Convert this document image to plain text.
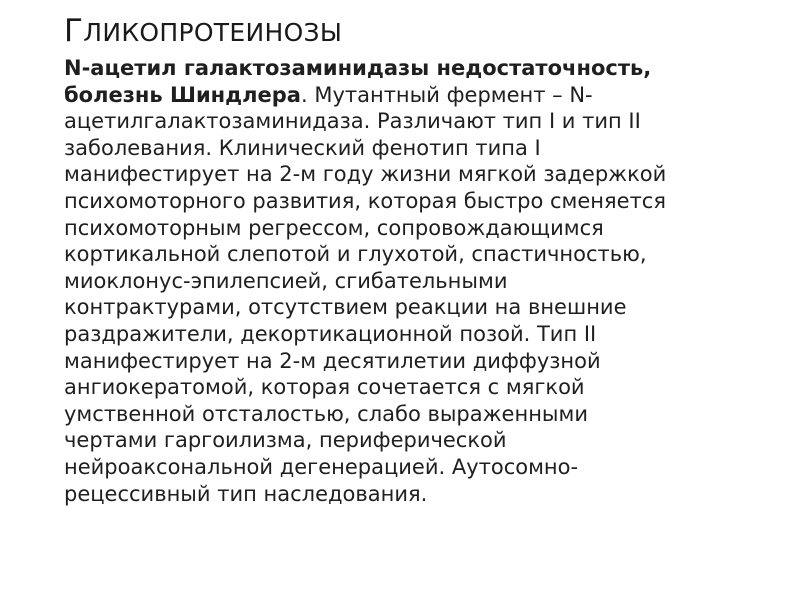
ГЛИКОПРОТЕИНОЗЫ
N-ацетил галактозаминидазы недостаточность,
болезнь Шиндлера. Мутантный фермент – N-
ацетилгалактозаминидаза. Различают тип I и тип II
заболевания. Клинический фенотип типа I
манифестирует на 2-м году жизни мягкой задержкой
психомоторного развития, которая быстро сменяется
психомоторным регрессом, сопровождающимся
кортикальной слепотой и глухотой, спастичностью,
миоклонус-эпилепсией, сгибательными
контрактурами, отсутствием реакции на внешние
раздражители, декортикационной позой. Тип II
манифестирует на 2-м десятилетии диффузной
ангиокератомой, которая сочетается с мягкой
умственной отсталостью, слабо выраженными
чертами гаргоилизма, периферической
нейроаксональной дегенерацией. Аутосомно-
рецессивный тип наследования.
